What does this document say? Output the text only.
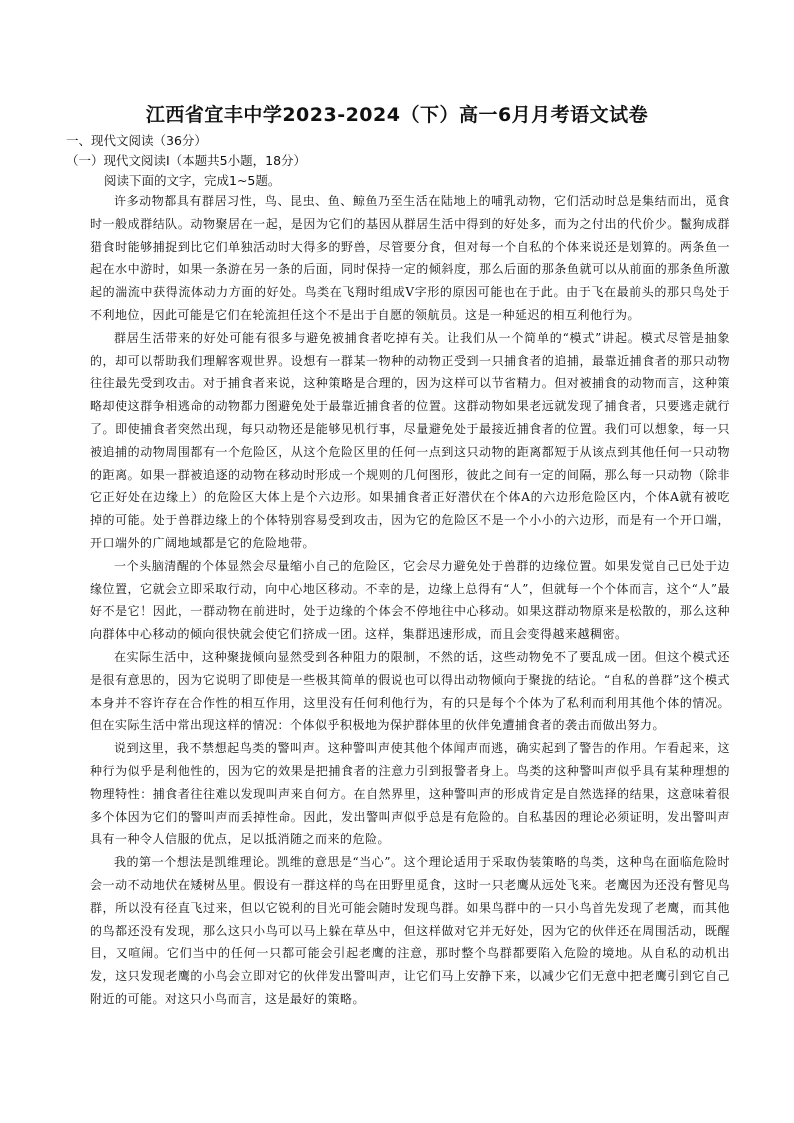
江西省宜丰中学2023-2024（下）高一6月月考语文试卷
一、现代文阅读（36分）
（一）现代文阅读Ⅰ（本题共5小题，18分）
阅读下面的文字，完成1~5题。

许多动物都具有群居习性，鸟、昆虫、鱼、鲸鱼乃至生活在陆地上的哺乳动物，它们活动时总是集结而出，觅食时一般成群结队。动物聚居在一起，是因为它们的基因从群居生活中得到的好处多，而为之付出的代价少。鬣狗成群猎食时能够捕捉到比它们单独活动时大得多的野兽，尽管要分食，但对每一个自私的个体来说还是划算的。两条鱼一起在水中游时，如果一条游在另一条的后面，同时保持一定的倾斜度，那么后面的那条鱼就可以从前面的那条鱼所激起的湍流中获得流体动力方面的好处。鸟类在飞翔时组成V字形的原因可能也在于此。由于飞在最前头的那只鸟处于不利地位，因此可能是它们在轮流担任这个不是出于自愿的领航员。这是一种延迟的相互利他行为。

群居生活带来的好处可能有很多与避免被捕食者吃掉有关。让我们从一个简单的“模式”讲起。模式尽管是抽象的，却可以帮助我们理解客观世界。设想有一群某一物种的动物正受到一只捕食者的追捕，最靠近捕食者的那只动物往往最先受到攻击。对于捕食者来说，这种策略是合理的，因为这样可以节省精力。但对被捕食的动物而言，这种策略却使这群争相逃命的动物都力图避免处于最靠近捕食者的位置。这群动物如果老远就发现了捕食者，只要逃走就行了。即使捕食者突然出现，每只动物还是能够见机行事，尽量避免处于最接近捕食者的位置。我们可以想象，每一只被追捕的动物周围都有一个危险区，从这个危险区里的任何一点到这只动物的距离都短于从该点到其他任何一只动物的距离。如果一群被追逐的动物在移动时形成一个规则的几何图形，彼此之间有一定的间隔，那么每一只动物（除非它正好处在边缘上）的危险区大体上是个六边形。如果捕食者正好潜伏在个体A的六边形危险区内，个体A就有被吃掉的可能。处于兽群边缘上的个体特别容易受到攻击，因为它的危险区不是一个小小的六边形，而是有一个开口端，开口端外的广阔地域都是它的危险地带。

一个头脑清醒的个体显然会尽量缩小自己的危险区，它会尽力避免处于兽群的边缘位置。如果发觉自己已处于边缘位置，它就会立即采取行动，向中心地区移动。不幸的是，边缘上总得有“人”，但就每一个个体而言，这个“人”最好不是它！因此，一群动物在前进时，处于边缘的个体会不停地往中心移动。如果这群动物原来是松散的，那么这种向群体中心移动的倾向很快就会使它们挤成一团。这样，集群迅速形成，而且会变得越来越稠密。

在实际生活中，这种聚拢倾向显然受到各种阻力的限制，不然的话，这些动物免不了要乱成一团。但这个模式还是很有意思的，因为它说明了即使是一些极其简单的假说也可以得出动物倾向于聚拢的结论。“自私的兽群”这个模式本身并不容许存在合作性的相互作用，这里没有任何利他行为，有的只是每个个体为了私利而利用其他个体的情况。但在实际生活中常出现这样的情况：个体似乎积极地为保护群体里的伙伴免遭捕食者的袭击而做出努力。

说到这里，我不禁想起鸟类的警叫声。这种警叫声使其他个体闻声而逃，确实起到了警告的作用。乍看起来，这种行为似乎是利他性的，因为它的效果是把捕食者的注意力引到报警者身上。鸟类的这种警叫声似乎具有某种理想的物理特性：捕食者往往难以发现叫声来自何方。在自然界里，这种警叫声的形成肯定是自然选择的结果，这意味着很多个体因为它们的警叫声而丢掉性命。因此，发出警叫声似乎总是有危险的。自私基因的理论必须证明，发出警叫声具有一种令人信服的优点，足以抵消随之而来的危险。

我的第一个想法是凯维理论。凯维的意思是“当心”。这个理论适用于采取伪装策略的鸟类，这种鸟在面临危险时会一动不动地伏在矮树丛里。假设有一群这样的鸟在田野里觅食，这时一只老鹰从远处飞来。老鹰因为还没有瞥见鸟群，所以没有径直飞过来，但以它锐利的目光可能会随时发现鸟群。如果鸟群中的一只小鸟首先发现了老鹰，而其他的鸟都还没有发现，那么这只小鸟可以马上躲在草丛中，但这样做对它并无好处，因为它的伙伴还在周围活动，既醒目，又喧闹。它们当中的任何一只都可能会引起老鹰的注意，那时整个鸟群都要陷入危险的境地。从自私的动机出发，这只发现老鹰的小鸟会立即对它的伙伴发出警叫声，让它们马上安静下来，以减少它们无意中把老鹰引到它自己附近的可能。对这只小鸟而言，这是最好的策略。
